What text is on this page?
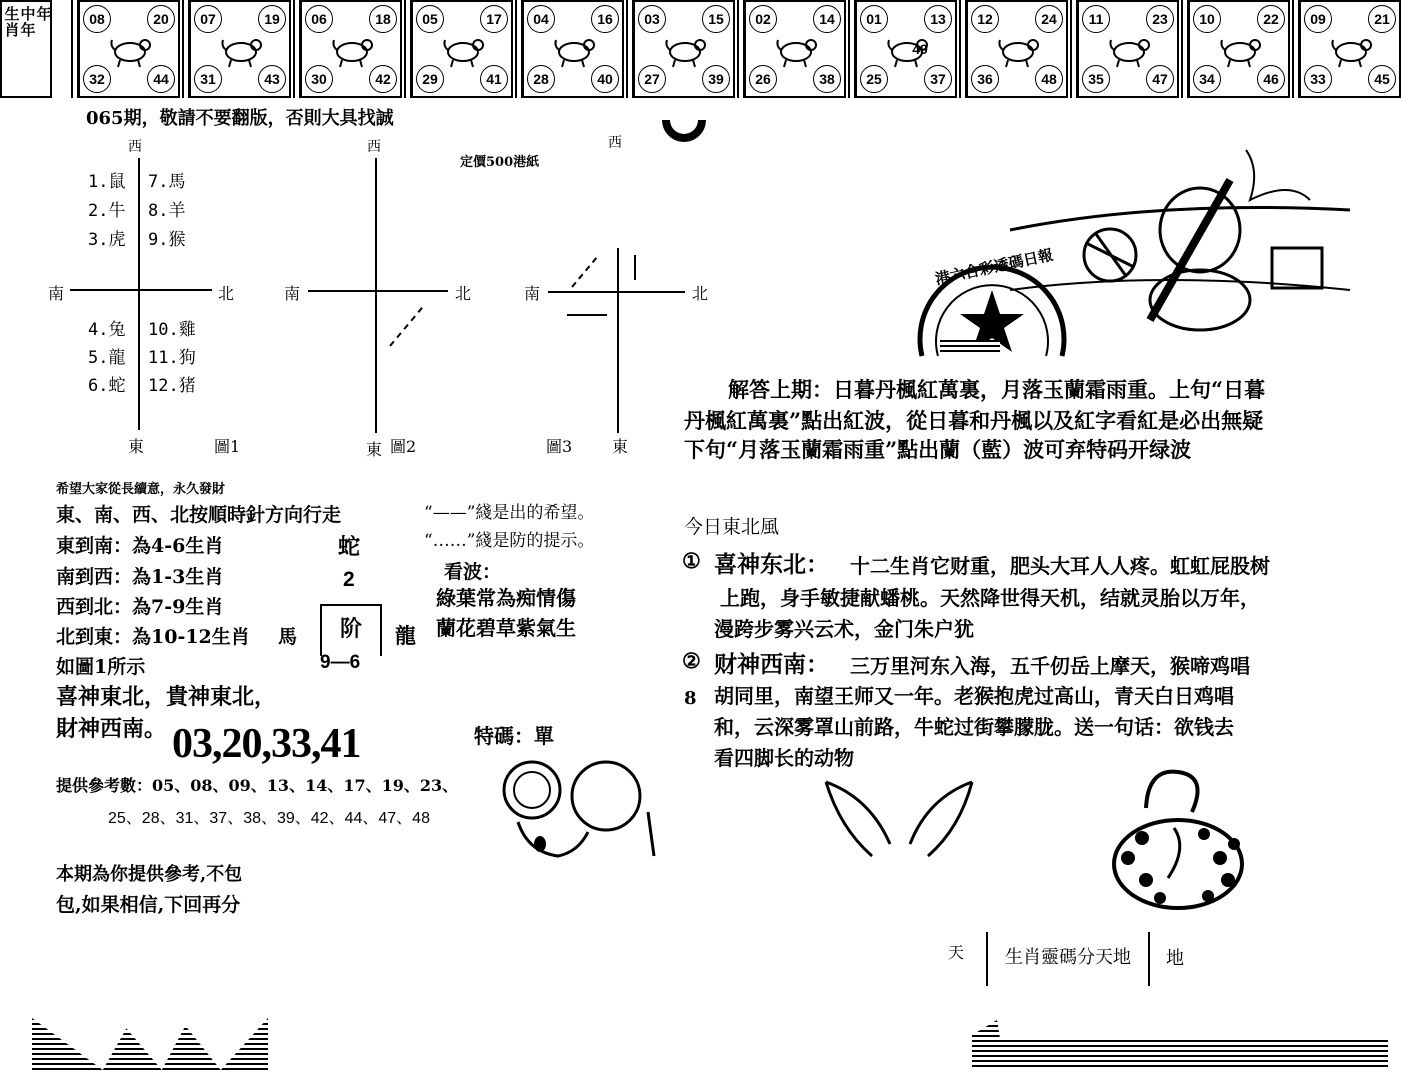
生肖
中年
年	08	20
32	44
07	19
31	43
06	18
30	42
05	17
29	41
04	16
28	40
03	15
27	39
02	14
26	38
01	13
25	37
49
12	24
36	48
11	23
35	47
10	22
34	46
09	21
33	45
065期，敬請不要翻版，否則大具找誠
定價500港紙
西
南	北
東	圖1
1.鼠
2.牛
3.虎
7.馬
8.羊
9.猴
4.兔
5.龍
6.蛇
10.雞
11.狗
12.猪
西
南	北
東 圖2
西
南	北
圖3 東
希望大家從長續意，永久發財
東、南、西、北按順時針方向行走
東到南：為4-6生肖
南到西：為1-3生肖
西到北：為7-9生肖
北到東：為10-12生肖 馬
如圖1所示
蛇
2
阶	龍
9—6
“——”綫是出的希望。
“……”綫是防的提示。
看波：
綠葉常為痴情傷
蘭花碧草紫氣生
喜神東北，貴神東北，
財神西南。 03,20,33,41	特碼：單
提供參考數：05、08、09、13、14、17、19、23、
25、28、31、37、38、39、42、44、47、48
本期為你提供參考,不包
包,如果相信,下回再分
港六合彩透碼日報
解答上期：日暮丹楓紅萬裏，月落玉蘭霜雨重。上句“日暮
丹楓紅萬裏”點出紅波，從日暮和丹楓以及紅字看紅是必出無疑
下句“月落玉蘭霜雨重”點出蘭（藍）波可弃特码开绿波
今日東北風
① 喜神东北： 十二生肖它财重，肥头大耳人人疼。虹虹屁股树
上跑，身手敏捷献蟠桃。天然降世得天机，结就灵胎以万年，
漫跨步雾兴云术，金门朱户犹
② 财神西南： 三万里河东入海，五千仞岳上摩天，猴啼鸡唱
胡同里，南望王师又一年。老猴抱虎过高山，青天白日鸡唱
和，云深雾罩山前路，牛蛇过街攀朦胧。送一句话：欲钱去
看四脚长的动物
8
天	生肖靈碼分天地	地
